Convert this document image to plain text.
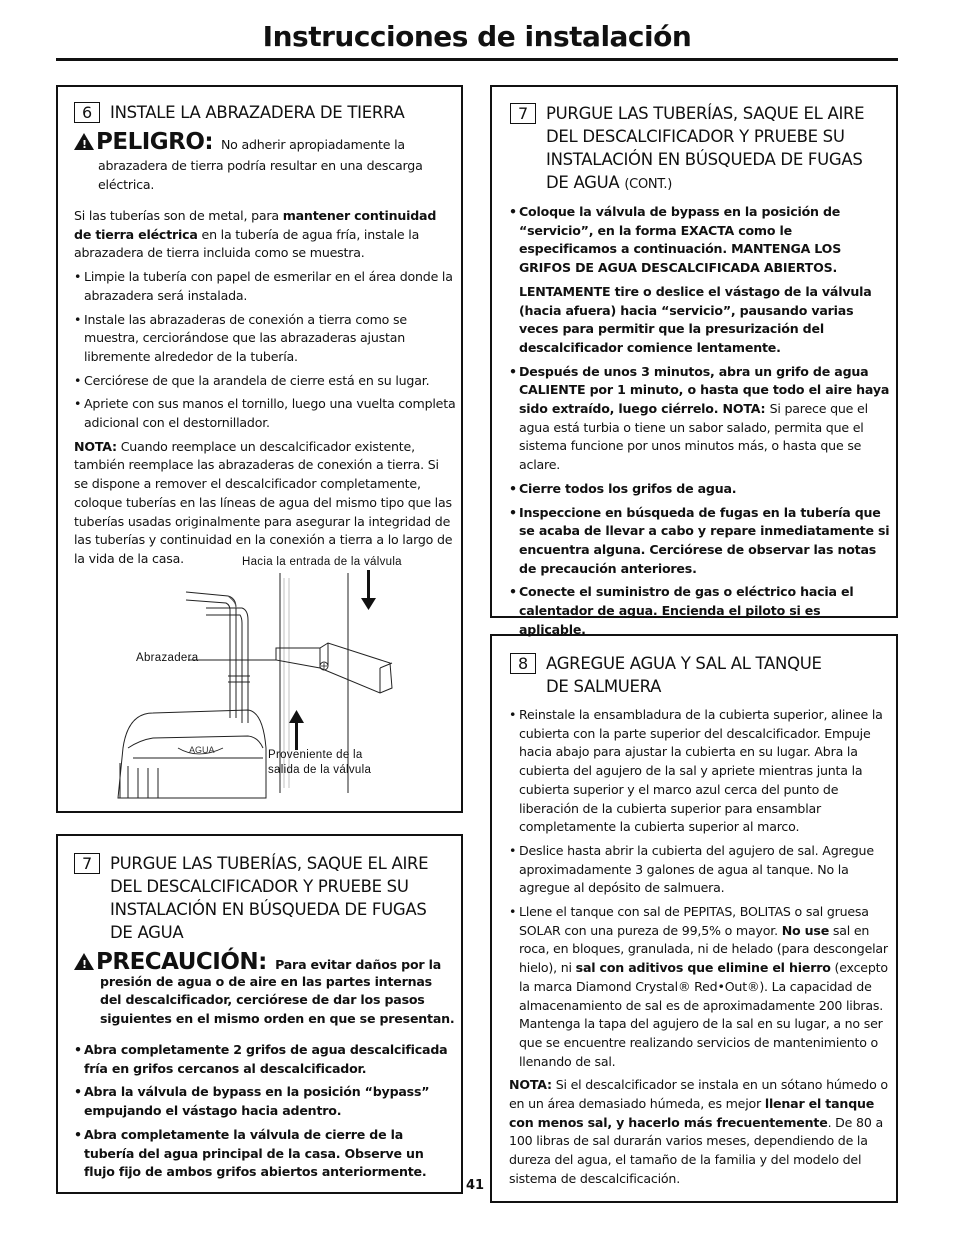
Instrucciones de instalación
6 INSTALE LA ABRAZADERA DE TIERRA
! PELIGRO: No adherir apropiadamente la
abrazadera de tierra podría resultar en una descarga
eléctrica.

Si las tuberías son de metal, para mantener continuidad
de tierra eléctrica en la tubería de agua fría, instale la
abrazadera de tierra incluida como se muestra.

• Limpie la tubería con papel de esmerilar en el área donde la abrazadera será instalada.
• Instale las abrazaderas de conexión a tierra como se muestra, cerciorándose que las abrazaderas ajustan libremente alrededor de la tubería.
• Cerciórese de que la arandela de cierre está en su lugar.
• Apriete con sus manos el tornillo, luego una vuelta completa adicional con el destornillador.

NOTA: Cuando reemplace un descalcificador existente, también reemplace las abrazaderas de conexión a tierra. Si se dispone a remover el descalcificador completamente, coloque tuberías en las líneas de agua del mismo tipo que las tuberías usadas originalmente para asegurar la integridad de las tuberías y continuidad en la conexión a tierra a lo largo de la vida de la casa.

AGUA
Hacia la entrada de la válvula
Abrazadera
Proveniente de la
salida de la válvula
7 PURGUE LAS TUBERÍAS, SAQUE EL AIRE
DEL DESCALCIFICADOR Y PRUEBE SU
INSTALACIÓN EN BÚSQUEDA DE FUGAS
DE AGUA
! PRECAUCIÓN: Para evitar daños por la
presión de agua o de aire en las partes internas del descalcificador, cerciórese de dar los pasos siguientes en el mismo orden en que se presentan.
• Abra completamente 2 grifos de agua descalcificada fría en grifos cercanos al descalcificador.
• Abra la válvula de bypass en la posición “bypass” empujando el vástago hacia adentro.
• Abra completamente la válvula de cierre de la tubería del agua principal de la casa. Observe un flujo fijo de ambos grifos abiertos anteriormente.
41
7 PURGUE LAS TUBERÍAS, SAQUE EL AIRE
DEL DESCALCIFICADOR Y PRUEBE SU
INSTALACIÓN EN BÚSQUEDA DE FUGAS
DE AGUA (CONT.)
• Coloque la válvula de bypass en la posición de “servicio”, en la forma EXACTA como le especificamos a continuación. MANTENGA LOS GRIFOS DE AGUA DESCALCIFICADA ABIERTOS.

LENTAMENTE tire o deslice el vástago de la válvula (hacia afuera) hacia “servicio”, pausando varias veces para permitir que la presurización del descalcificador comience lentamente.

• Después de unos 3 minutos, abra un grifo de agua CALIENTE por 1 minuto, o hasta que todo el aire haya sido extraído, luego ciérrelo. NOTA: Si parece que el agua está turbia o tiene un sabor salado, permita que el sistema funcione por unos minutos más, o hasta que se aclare.
• Cierre todos los grifos de agua.
• Inspeccione en búsqueda de fugas en la tubería que se acaba de llevar a cabo y repare inmediatamente si encuentra alguna. Cerciórese de observar las notas de precaución anteriores.
• Conecte el suministro de gas o eléctrico hacia el calentador de agua. Encienda el piloto si es aplicable.
8 AGREGUE AGUA Y SAL AL TANQUE
DE SALMUERA
• Reinstale la ensambladura de la cubierta superior, alinee la cubierta con la parte superior del descalcificador. Empuje hacia abajo para ajustar la cubierta en su lugar. Abra la cubierta del agujero de la sal y apriete mientras junta la cubierta superior y el marco azul cerca del punto de liberación de la cubierta superior para ensamblar completamente la cubierta superior al marco.
• Deslice hasta abrir la cubierta del agujero de sal. Agregue aproximadamente 3 galones de agua al tanque. No la agregue al depósito de salmuera.
• Llene el tanque con sal de PEPITAS, BOLITAS o sal gruesa SOLAR con una pureza de 99,5% o mayor. No use sal en roca, en bloques, granulada, ni de helado (para descongelar hielo), ni sal con aditivos que elimine el hierro (excepto la marca Diamond Crystal® Red•Out®). La capacidad de almacenamiento de sal es de aproximadamente 200 libras. Mantenga la tapa del agujero de la sal en su lugar, a no ser que se encuentre realizando servicios de mantenimiento o llenando de sal.

NOTA: Si el descalcificador se instala en un sótano húmedo o en un área demasiado húmeda, es mejor llenar el tanque con menos sal, y hacerlo más frecuentemente. De 80 a 100 libras de sal durarán varios meses, dependiendo de la dureza del agua, el tamaño de la familia y del modelo del sistema de descalcificación.
